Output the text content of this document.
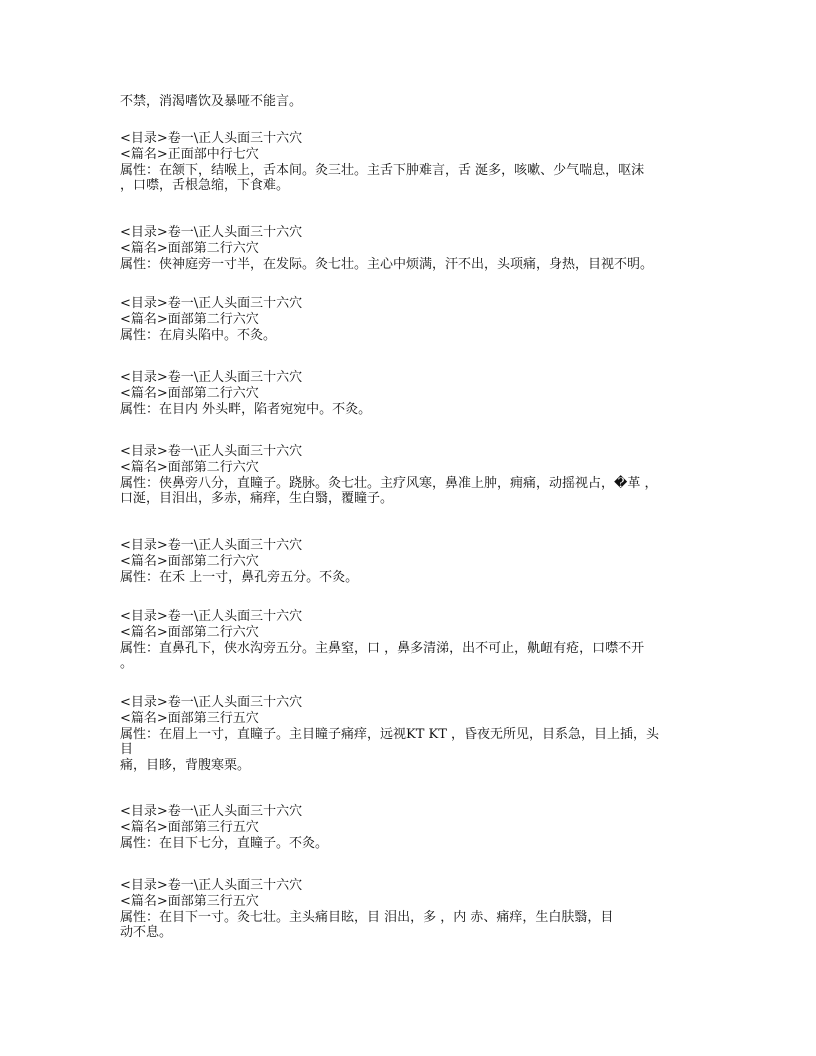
不禁，消渴嗜饮及暴哑不能言。
<目录>卷一\正人头面三十六穴
<篇名>正面部中行七穴
属性：在颔下，结喉上，舌本间。灸三壮。主舌下肿难言，舌 涎多，咳嗽、少气喘息，呕沫
，口噤，舌根急缩，下食难。
<目录>卷一\正人头面三十六穴
<篇名>面部第二行六穴
属性：侠神庭旁一寸半，在发际。灸七壮。主心中烦满，汗不出，头项痛，身热，目视不明。
<目录>卷一\正人头面三十六穴
<篇名>面部第二行六穴
属性：在肩头陷中。不灸。
<目录>卷一\正人头面三十六穴
<篇名>面部第二行六穴
属性：在目内 外头畔，陷者宛宛中。不灸。
<目录>卷一\正人头面三十六穴
<篇名>面部第二行六穴
属性：侠鼻旁八分，直瞳子。跷脉。灸七壮。主疗风寒，鼻准上肿，痈痛，动摇视占，�革 ，
口涎，目泪出，多赤，痛痒，生白翳，覆瞳子。
<目录>卷一\正人头面三十六穴
<篇名>面部第二行六穴
属性：在禾 上一寸，鼻孔旁五分。不灸。
<目录>卷一\正人头面三十六穴
<篇名>面部第二行六穴
属性：直鼻孔下，侠水沟旁五分。主鼻窒，口 ，鼻多清涕，出不可止，鼽衄有疮，口噤不开
。
<目录>卷一\正人头面三十六穴
<篇名>面部第三行五穴
属性：在眉上一寸，直瞳子。主目瞳子痛痒，远视KT KT ，昏夜无所见，目系急，目上插，头
目
痛，目眵，背膄寒栗。
<目录>卷一\正人头面三十六穴
<篇名>面部第三行五穴
属性：在目下七分，直瞳子。不灸。
<目录>卷一\正人头面三十六穴
<篇名>面部第三行五穴
属性：在目下一寸。灸七壮。主头痛目眩，目 泪出，多 ，内 赤、痛痒，生白肤翳，目
动不息。
